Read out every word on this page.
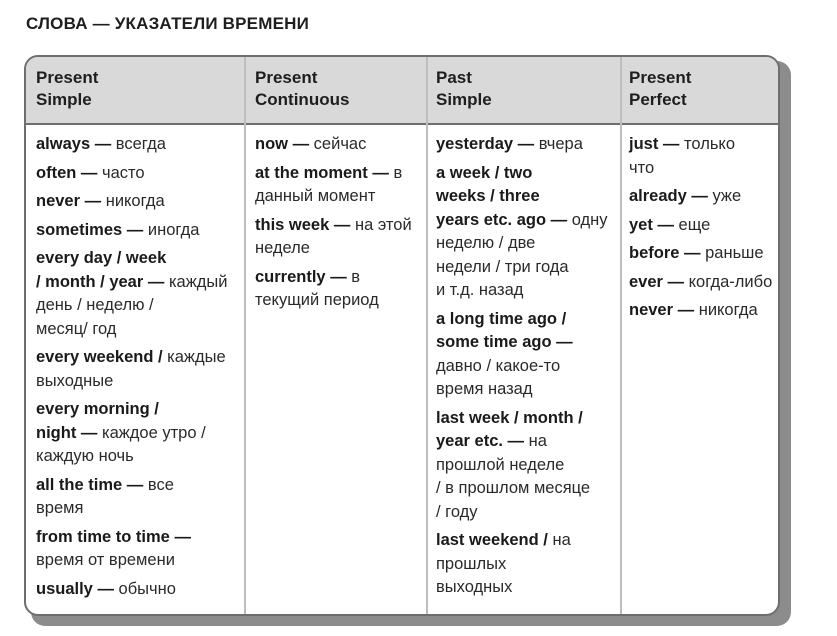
СЛОВА — УКАЗАТЕЛИ ВРЕМЕНИ
Present
Simple
Present
Continuous
Past
Simple
Present
Perfect
always — всегда
often — часто
never — никогда
sometimes — иногда
every day / week
/ month / year — каждый день / неделю /
месяц/ год
every weekend / каждые выходные
every morning /
night — каждое утро /
каждую ночь
all the time — все
время
from time to time — время от времени
usually — обычно
now — сейчас
at the moment — в данный момент
this week — на этой неделе
currently — в текущий период
yesterday — вчера
a week / two
weeks / three
years etc. ago — одну неделю / две
недели / три года
и т.д. назад
a long time ago /
some time ago — давно / какое-то
время назад
last week / month /
year etc. — на прошлой неделе
/ в прошлом месяце
/ году
last weekend / на прошлых
выходных
just — только
что
already — уже
yet — еще
before — раньше
ever — когда-либо
never — никогда
